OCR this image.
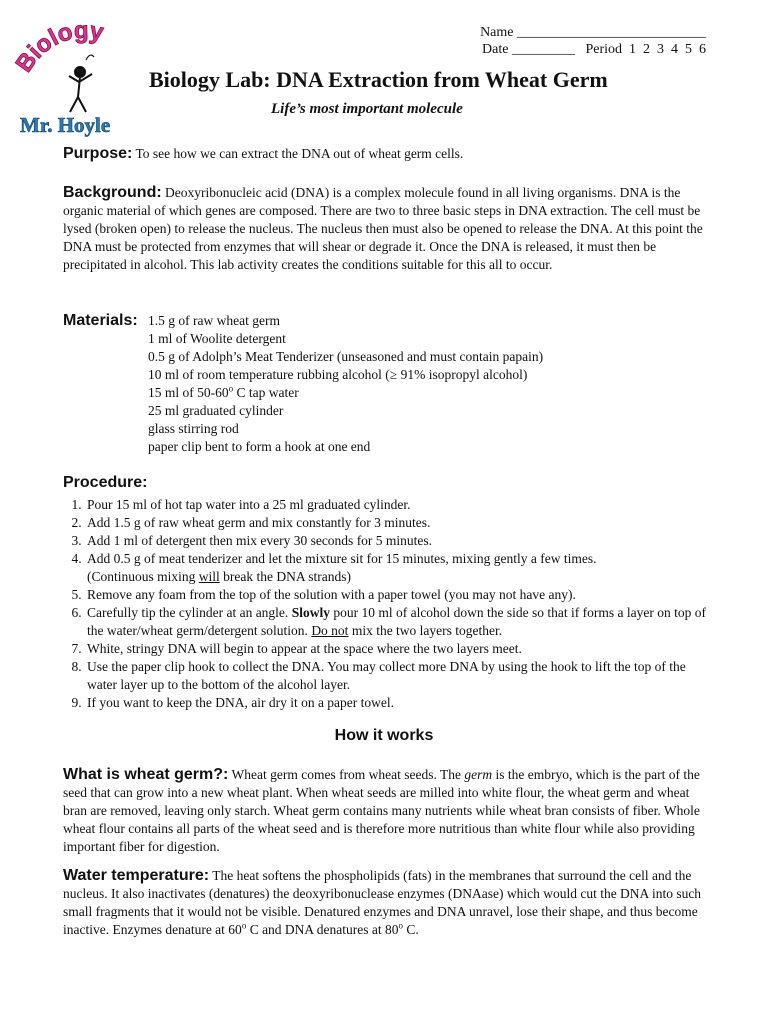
iology
Mr. Hoyle
Name ___________________________
Date _________   Period  1  2  3  4  5  6
Biology Lab: DNA Extraction from Wheat Germ

Life’s most important molecule

Purpose: To see how we can extract the DNA out of wheat germ cells.
Background: Deoxyribonucleic acid (DNA) is a complex molecule found in all living organisms. DNA is the organic material of which genes are composed. There are two to three basic steps in DNA extraction. The cell must be lysed (broken open) to release the nucleus. The nucleus then must also be opened to release the DNA. At this point the DNA must be protected from enzymes that will shear or degrade it. Once the DNA is released, it must then be precipitated in alcohol. This lab activity creates the conditions suitable for this all to occur.
Materials: 1.5 g of raw wheat germ
1 ml of Woolite detergent
0.5 g of Adolph’s Meat Tenderizer (unseasoned and must contain papain)
10 ml of room temperature rubbing alcohol (≥ 91% isopropyl alcohol)
15 ml of 50-60$^o$ C tap water
25 ml graduated cylinder
glass stirring rod
paper clip bent to form a hook at one end
Procedure:
1. Pour 15 ml of hot tap water into a 25 ml graduated cylinder.
2. Add 1.5 g of raw wheat germ and mix constantly for 3 minutes.
3. Add 1 ml of detergent then mix every 30 seconds for 5 minutes.
4. Add 0.5 g of meat tenderizer and let the mixture sit for 15 minutes, mixing gently a few times.
(Continuous mixing will break the DNA strands)
5. Remove any foam from the top of the solution with a paper towel (you may not have any).
6. Carefully tip the cylinder at an angle. Slowly pour 10 ml of alcohol down the side so that if forms a layer on top of the water/wheat germ/detergent solution. Do not mix the two layers together.
7. White, stringy DNA will begin to appear at the space where the two layers meet.
8. Use the paper clip hook to collect the DNA. You may collect more DNA by using the hook to lift the top of the water layer up to the bottom of the alcohol layer.
9. If you want to keep the DNA, air dry it on a paper towel.
How it works
What is wheat germ?: Wheat germ comes from wheat seeds. The germ is the embryo, which is the part of the seed that can grow into a new wheat plant. When wheat seeds are milled into white flour, the wheat germ and wheat bran are removed, leaving only starch. Wheat germ contains many nutrients while wheat bran consists of fiber. Whole wheat flour contains all parts of the wheat seed and is therefore more nutritious than white flour while also providing important fiber for digestion.
Water temperature: The heat softens the phospholipids (fats) in the membranes that surround the cell and the nucleus. It also inactivates (denatures) the deoxyribonuclease enzymes (DNAase) which would cut the DNA into such small fragments that it would not be visible. Denatured enzymes and DNA unravel, lose their shape, and thus become inactive. Enzymes denature at 60$^o$ C and DNA denatures at 80$^o$ C.
